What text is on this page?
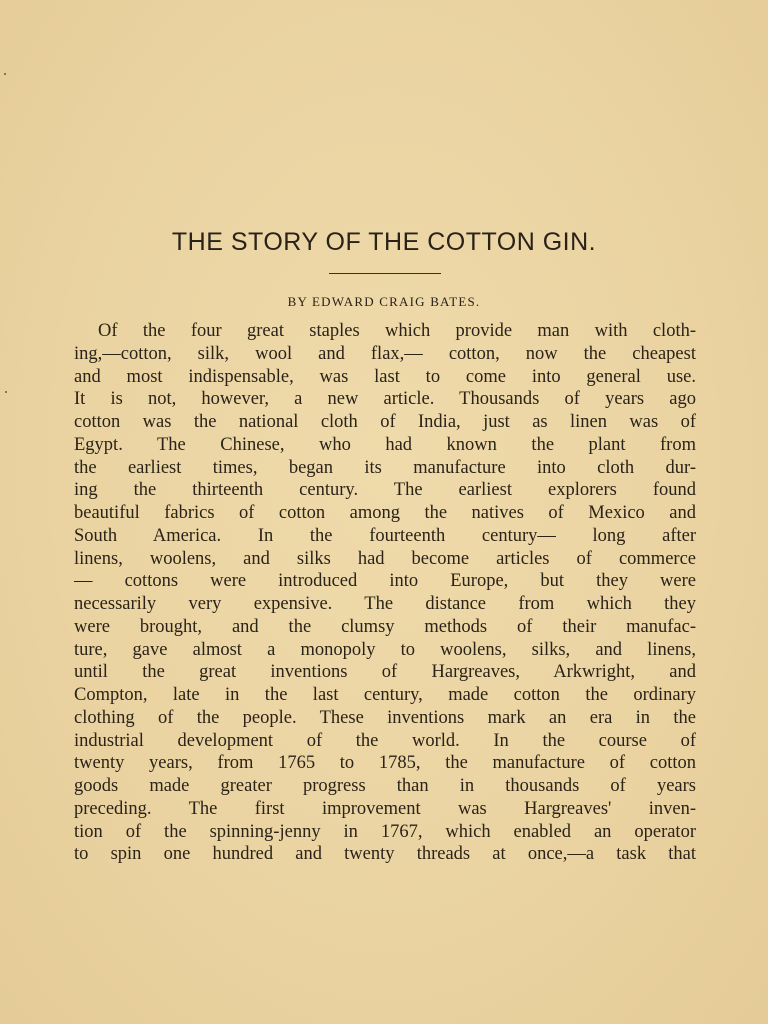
THE STORY OF THE COTTON GIN.

BY EDWARD CRAIG BATES.

Of the four great staples which provide man with cloth-
ing,—cotton, silk, wool and flax,— cotton, now the cheapest
and most indispensable, was last to come into general use.
It is not, however, a new article. Thousands of years ago
cotton was the national cloth of India, just as linen was of
Egypt. The Chinese, who had known the plant from
the earliest times, began its manufacture into cloth dur-
ing the thirteenth century. The earliest explorers found
beautiful fabrics of cotton among the natives of Mexico and
South America. In the fourteenth century— long after
linens, woolens, and silks had become articles of commerce
— cottons were introduced into Europe, but they were
necessarily very expensive. The distance from which they
were brought, and the clumsy methods of their manufac-
ture, gave almost a monopoly to woolens, silks, and linens,
until the great inventions of Hargreaves, Arkwright, and
Compton, late in the last century, made cotton the ordinary
clothing of the people. These inventions mark an era in the
industrial development of the world. In the course of
twenty years, from 1765 to 1785, the manufacture of cotton
goods made greater progress than in thousands of years
preceding. The first improvement was Hargreaves' inven-
tion of the spinning-jenny in 1767, which enabled an operator
to spin one hundred and twenty threads at once,—a task that
